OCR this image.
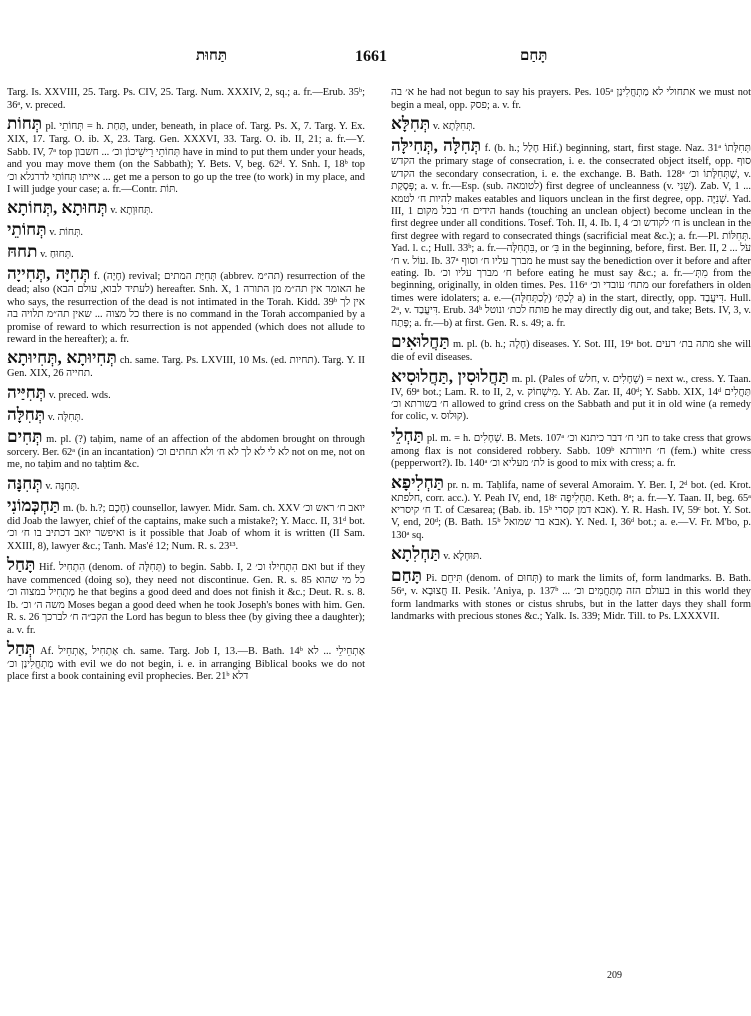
תַּחוּת	1661	תָּחַם
Targ. Is. XXVIII, 25. Targ. Ps. CIV, 25. Targ. Num. XXXIV, 2, sq.; a. fr.—Erub. 35ᵇ; 36ᵃ, v. preced.
תְּחוֹת pl. תְּחוֹתֵי = h. תַּחַת, under, beneath, in place of. Targ. Ps. X, 7. Targ. Y. Ex. XIX, 17. Targ. O. ib. X, 23. Targ. Gen. XXXVI, 33. Targ. O. ib. II, 21; a. fr.—Y. Sabb. IV, 7ᵃ top תְּחוֹתֵי רֵישֵׁיכוֹן וכ׳ ... חשבון have in mind to put them under your heads, and you may move them (on the Sabbath); Y. Bets. V, beg. 62ᵈ. Y. Snh. I, 18ᵇ top אייתו תְּחוֹתַי לדרגלא וכ׳ ... get me a person to go up the tree (to work) in my place, and I will judge your case; a. fr.—Contr. תּוֹת.
תְּחוּתָא ,תְּחוֹתָא v. תְּחוּוְתָא.
תְּחוֹתֵי v. תְּחוֹת.
תחחּ v. תְּחוּחַ.
תְּחִיָּה ,תְּחִייָה f. (חָיָה) revival; תְּחִיַּת המתים (abbrev. תה״מ) resurrection of the dead; also (לעתיד לבוא, עולם הבא) hereafter. Snh. X, 1 האומר אין תה״מ מן התורה he who says, the resurrection of the dead is not intimated in the Torah. Kidd. 39ᵇ אין לך כל מצוה ... שאין תה״מ תלויה בה there is no command in the Torah accompanied by a promise of reward to which resurrection is not appended (which does not allude to reward in the hereafter); a. fr.
תְּחִיוּתָא ,תְּחִיוּתָא ch. same. Targ. Ps. LXVIII, 10 Ms. (ed. תחיות). Targ. Y. II Gen. XIX, 26 תחייה.
תְּחִיַּיה v. preced. wds.
תְּחִלָּה v. תְּחִלָּה.
תְּחִים m. pl. (?) taḥim, name of an affection of the abdomen brought on through sorcery. Ber. 62ᵃ (in an incantation) לא לי לא לך לא ח׳ ולא תחתים וכ׳ not on me, not on me, no taḥim and no taḥtim &c.
תְּחִנָּה v. תְּחִנָּה.
תַּחְכְּמוֹנִי m. (b. h.?; חָכָם) counsellor, lawyer. Midr. Sam. ch. XXV יואב ח׳ ראש וכ׳ did Joab the lawyer, chief of the captains, make such a mistake?; Y. Macc. II, 31ᵈ bot. ואיפשר יואב דכתיב בו ח׳ וכ׳ is it possible that Joab of whom it is written (II Sam. XXIII, 8), lawyer &c.; Tanh. Mas'é 12; Num. R. s. 23¹³.
תָּחַל Hif. הִתְחִיל (denom. of תְּחִלָּה) to begin. Sabb. I, 2 ואם הִתְחִילוּ וכ׳ but if they have commenced (doing so), they need not discontinue. Gen. R. s. 85 כל מי שהוא מַתְחִיל במצוה וכ׳ he that begins a good deed and does not finish it &c.; Deut. R. s. 8. Ib. משה ה׳ וכ׳ Moses began a good deed when he took Joseph's bones with him. Gen. R. s. 26 הקב״ה ח׳ לברכך the Lord has begun to bless thee (by giving thee a daughter); a. v. fr.
תְּחַל Af. אַתְחִיל ,אַתְחֵיל ch. same. Targ. Job I, 13.—B. Bath. 14ᵇ אַתְחֵילֵי ... לא מַתְחֲלִינַן וכ׳ with evil we do not begin, i. e. in arranging Biblical books we do not place first a book containing evil prophecies. Ber. 21ᵇ דלא
א׳ בה he had not begun to say his prayers. Pes. 105ᵃ אתחולי לא מַתְחֲלִינַן we must not begin a meal, opp. פסק; a. v. fr.
תְּחִלָּא v. תְּחִלְּתָא.
תְּחִלָּה ,תְּחִילָּה f. (b. h.; חָלַל Hif.) beginning, start, first stage. Naz. 31ᵃ תְּחִלָּתוֹ הקדש the primary stage of consecration, i. e. the consecrated object itself, opp. סוף הקדש the secondary consecration, i. e. the exchange. B. Bath. 128ᵃ שֶׁתְּחִלָּתוֹ וכ׳, v. פְּסָקַת; a. v. fr.—Esp. (sub. לטומאה) first degree of uncleanness (v. שֵׁנִי). Zab. V, 1 ... לִהיות ח׳ לטמא makes eatables and liquors unclean in the first degree, opp. שְׁנִיָּה. Yad. III, 1 הידים ח׳ בכל מקום hands (touching an unclean object) become unclean in the first degree under all conditions. Tosef. Toh. II, 4. Ib. I, 4 ח׳ לקודש וכ׳ is unclean in the first degree with regard to consecrated things (sacrificial meat &c.); a. fr.—Pl. תְּחִלּוֹת. Yad. l. c.; Hull. 33ᵇ; a. fr.—בִּתְחִלָּה, or בִּ׳ in the beginning, before, first. Ber. II, 2 עֹל ... ח׳ v. עוֹל. Ib. 37ᵃ מברך עליו ח׳ וסוף he must say the benediction over it before and after eating. Ib. ח׳ מברך עליו וכ׳ before eating he must say &c.; a. fr.—מִתְּ׳ from the beginning, originally, in olden times. Pes. 116ᵃ מתח׳ עובדי וכ׳ our forefathers in olden times were idolaters; a. e.—לְכַתְּ׳ (לְכַתְּחִלָּה) a) in the start, directly, opp. דִּיעֲבַד. Hull. 2ᵃ, v. דִּיעֲבַד. Erub. 34ᵇ פותח לכת׳ ונוטל he may directly dig out, and take; Bets. IV, 3, v. פָּתַח; a. fr.—b) at first. Gen. R. s. 49; a. fr.
תַּחֲלוּאִים m. pl. (b. h.; חָלָה) diseases. Y. Sot. III, 19ᵃ bot. מתה בת׳ רעים she will die of evil diseases.
תַּחֲלוּסִין ,תַּחֲלוּסִיא m. pl. (Pales of חלש, v. שְׁחָלִים) = next w., cress. Y. Taan. IV, 69ᵃ bot.; Lam. R. to II, 2, v. מִישְׁחוֹק. Y. Ab. Zar. II, 40ᵈ; Y. Sabb. XIX, 14ᵈ תַּחֲלִים ח׳ בשורתא וכ׳ allowed to grind cress on the Sabbath and put it in old wine (a remedy for colic, v. קוּלוּס).
תַּחְלֵי pl. m. = h. שְׁחָלִים. B. Mets. 107ᵃ חני ח׳ דבר כיתנא וכ׳ to take cress that grows among flax is not considered robbery. Sabb. 109ᵇ ח׳ חיוורתא (fem.) white cress (pepperwort?). Ib. 140ᵃ לת׳ מעליא וכ׳ is good to mix with cress; a. fr.
תַּחְלִיפָא pr. n. m. Taḥlifa, name of several Amoraim. Y. Ber. I, 2ᵈ bot. (ed. Krot. חלפתא, corr. acc.). Y. Peah IV, end, 18ᶜ תַּחְלִיפָה. Keth. 8ᵃ; a. fr.—Y. Taan. II, beg. 65ᵃ ח׳ קיסריא T. of Cæsarea; (Bab. ib. 15ᵇ אבא דמן קסרי). Y. R. Hash. IV, 59ᶜ bot. Y. Sot. V, end, 20ᵈ; (B. Bath. 15ᵇ אבא בר שמואל). Y. Ned. I, 36ᵈ bot.; a. e.—V. Fr. M'bo, p. 130ᵃ sq.
תַּחְלִתָא v. תּוּחְלָא.
תָּחַם Pi. תִּיחֵם (denom. of תְּחוּם) to mark the limits of, form landmarks. B. Bath. 56ᵃ, v. חֲצוּבָא II. Pesik. 'Aniya, p. 137ᵇ ... בעולם הזה מְתַחֲמִים וכ׳ in this world they form landmarks with stones or cistus shrubs, but in the latter days they shall form landmarks with precious stones &c.; Yalk. Is. 339; Midr. Till. to Ps. LXXXVII.
209
